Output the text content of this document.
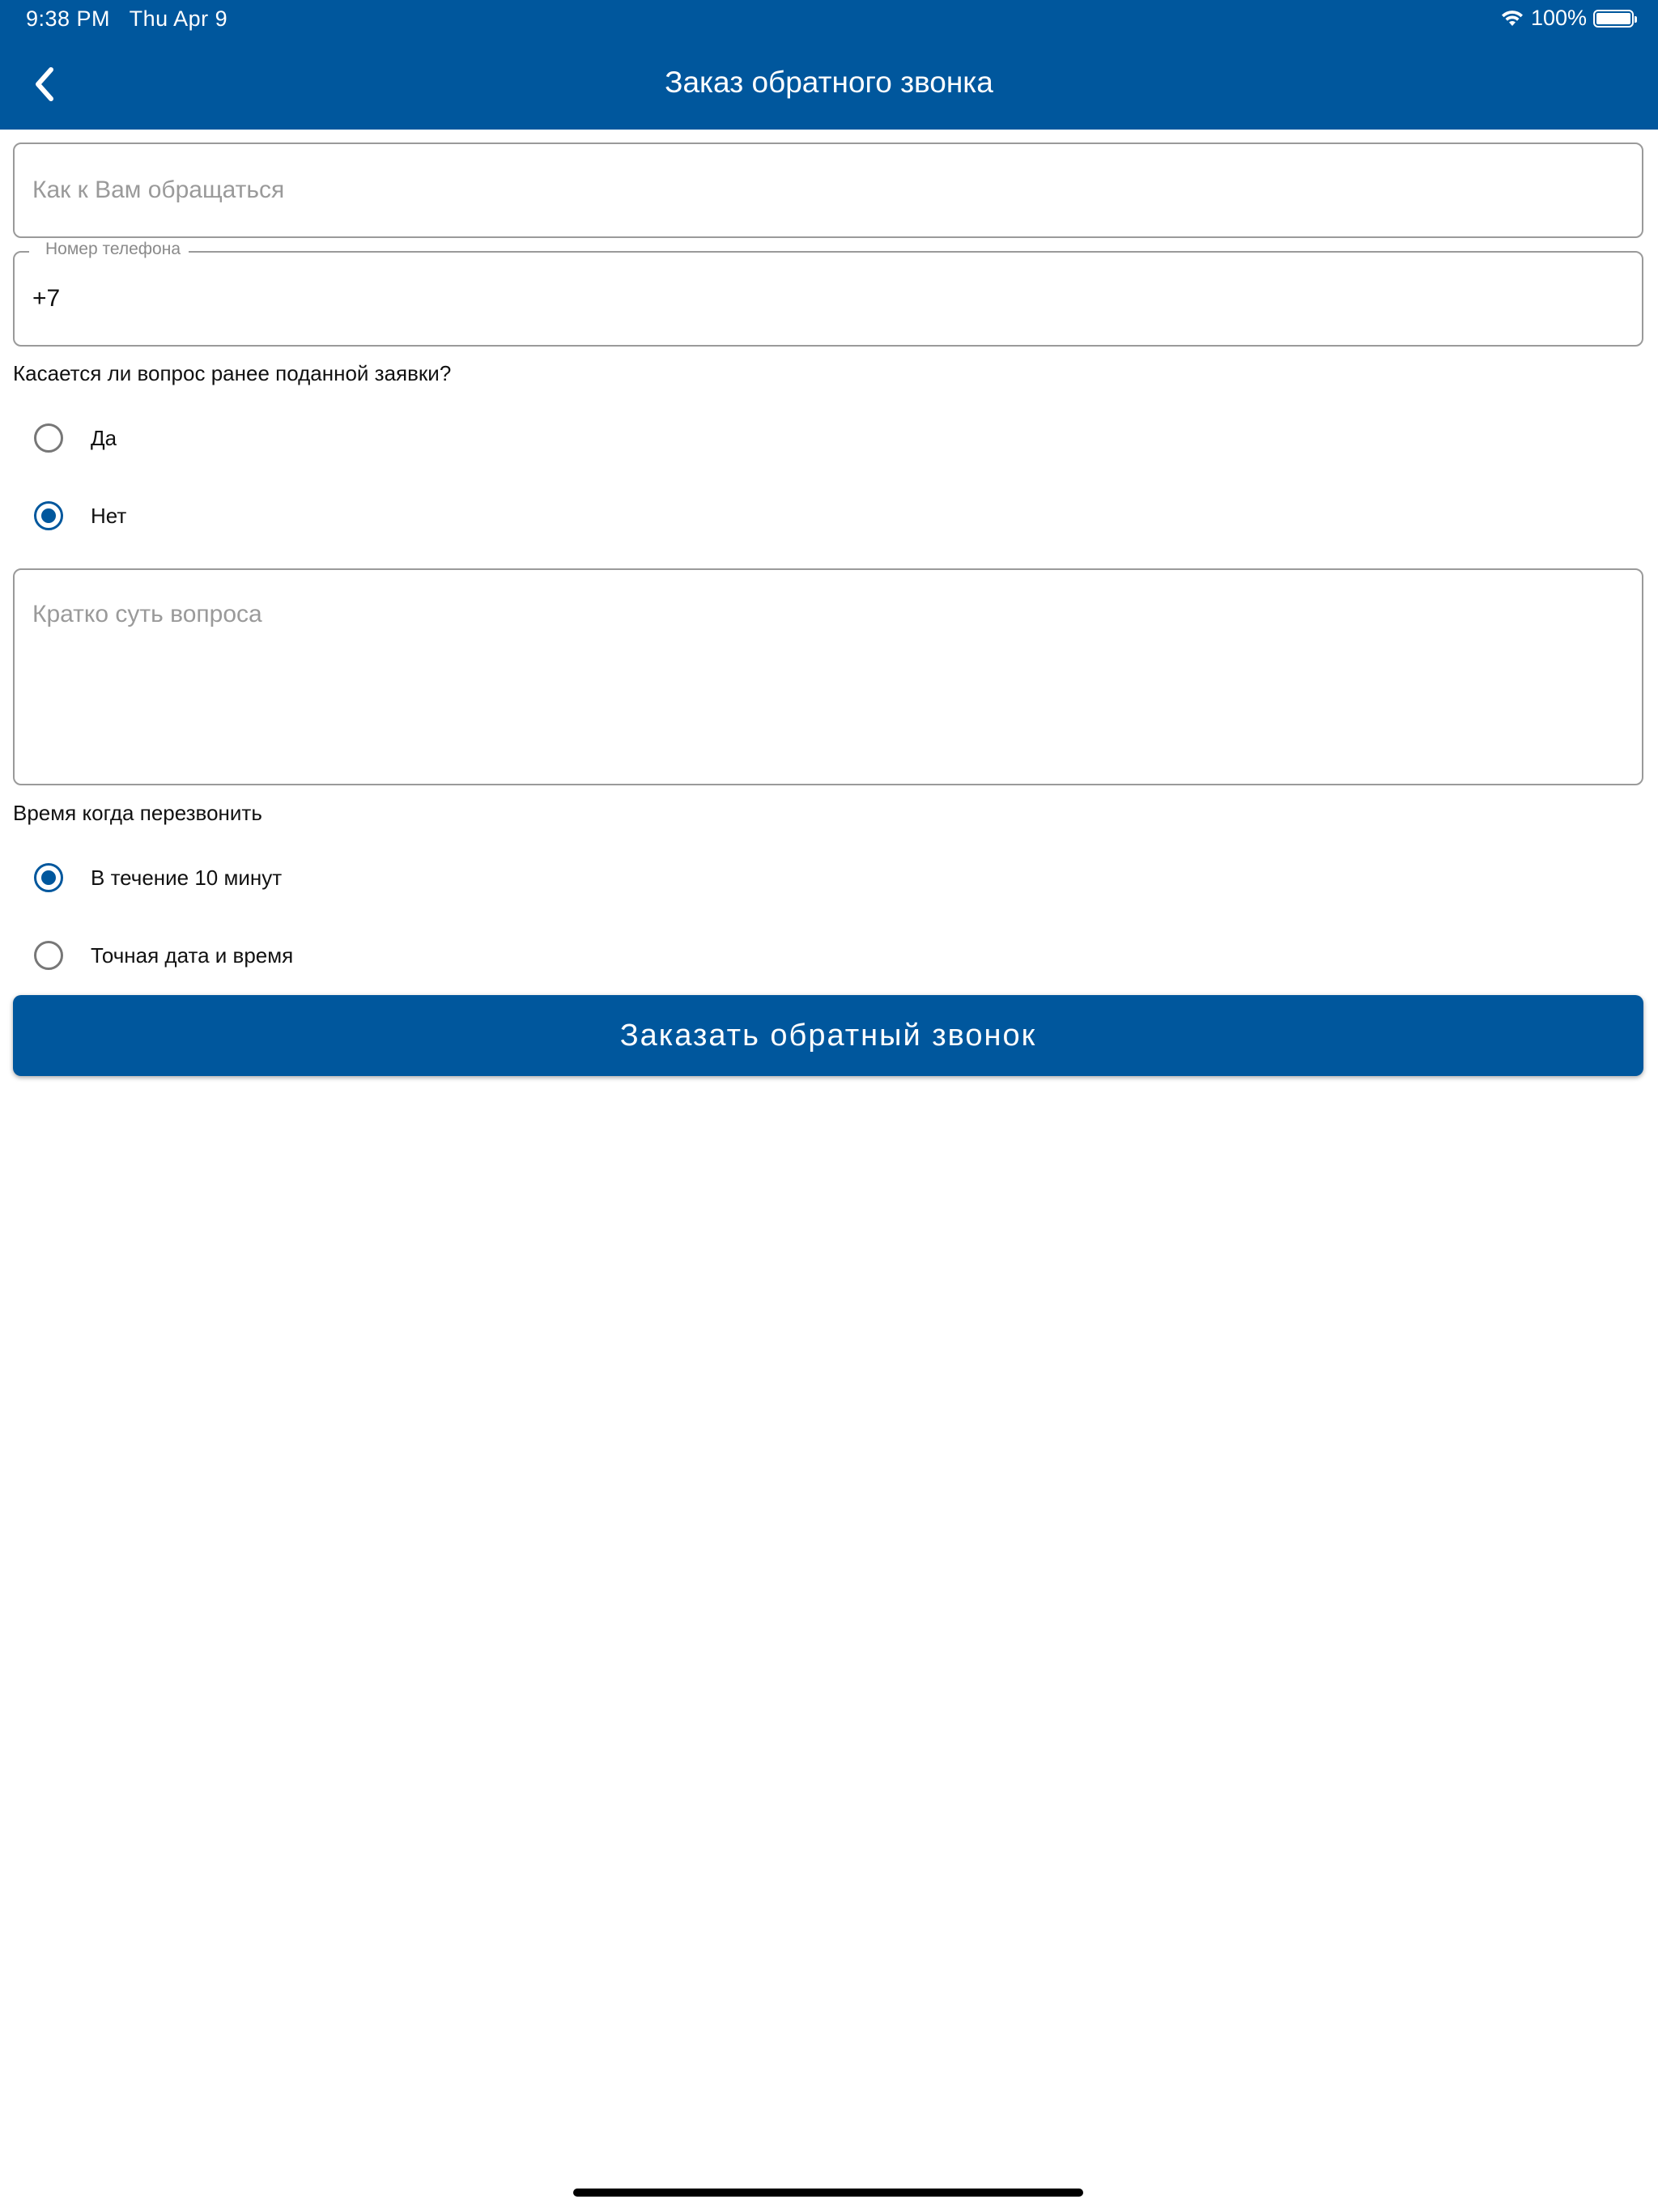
9:38 PM Thu Apr 9	100%
Заказ обратного звонка
Как к Вам обращаться
Номер телефона
+7
Касается ли вопрос ранее поданной заявки?
Да
Нет
Кратко суть вопроса
Время когда перезвонить
В течение 10 минут
Точная дата и время
Заказать обратный звонок
